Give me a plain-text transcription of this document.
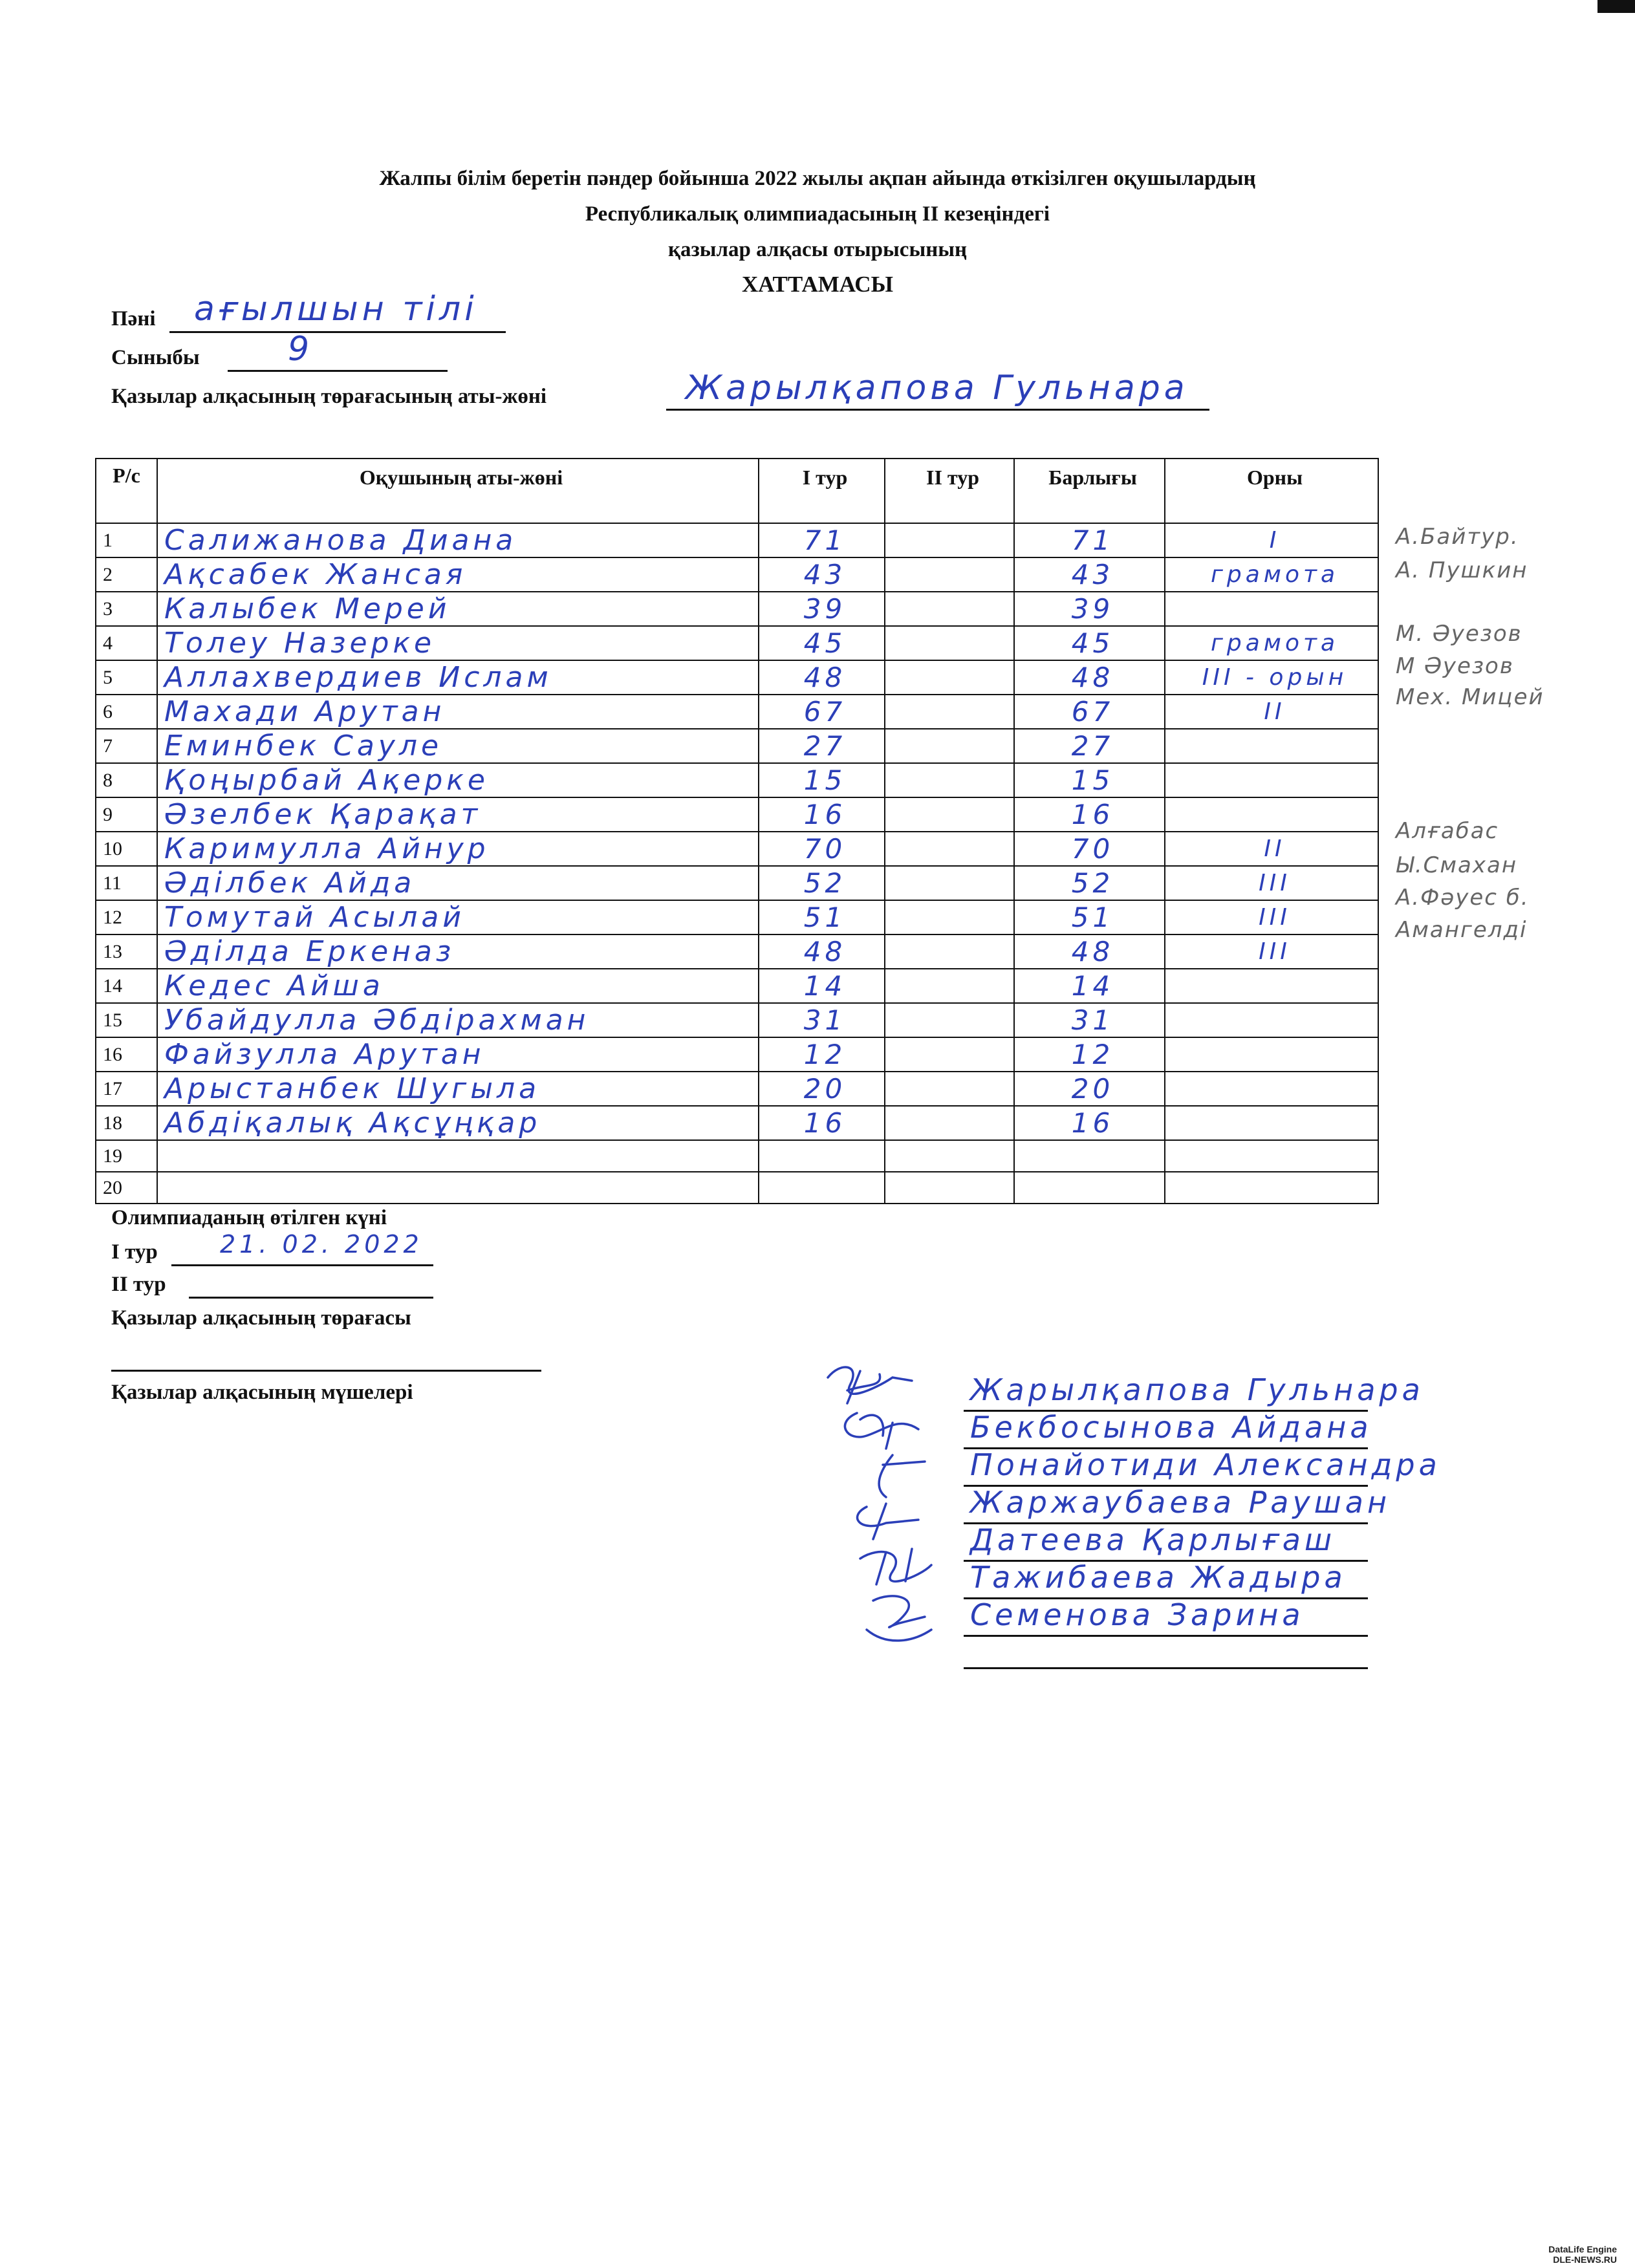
Жалпы білім беретін пәндер бойынша 2022 жылы ақпан айында өткізілген оқушылардың
Республикалық олимпиадасының ІІ кезеңіндегі
қазылар алқасы отырысының
ХАТТАМАСЫ
Пәні ағылшын тілі
Сыныбы	9
Қазылар алқасының төрағасының аты-жөні	Жарылқапова Гульнара
Р/с	Оқушының аты-жөні	І тур	ІІ тур	Барлығы	Орны
1	Салижанова Диана	71		71	І
2	Ақсабек Жансая	43		43	грамота
3	Калыбек Мерей	39		39	
4	Толеу Назерке	45		45	грамота
5	Аллахвердиев Ислам	48		48	ІІІ - орын
6	Махади Арутан	67		67	ІІ
7	Еминбек Сауле	27		27	
8	Қоңырбай Ақерке	15		15	
9	Әзелбек Қарақат	16		16	
10	Каримулла Айнур	70		70	ІІ
11	Әділбек Айда	52		52	ІІІ
12	Томутай Асылай	51		51	ІІІ
13	Әділда Еркеназ	48		48	ІІІ
14	Кедес Айша	14		14	
15	Убайдулла Әбдірахман	31		31	
16	Файзулла Арутан	12		12	
17	Арыстанбек Шугыла	20		20	
18	Абдіқалық Ақсұңқар	16		16	
19					
20					
А.Байтур.
А. Пушкин
М. Әуезов
М Әуезов
Мех. Мицей
Алғабас
Ы.Смахан
А.Фәуес б.
Амангелді
Олимпиаданың өтілген күні
І тур	21. 02. 2022
ІІ тур
Қазылар алқасының төрағасы
Қазылар алқасының мүшелері	Жарылқапова Гульнара
Бекбосынова Айдана
Понайотиди Александра
Жаржаубаева Раушан
Датеева Қарлығаш
Тажибаева Жадыра
Семенова Зарина
DataLife Engine
DLE-NEWS.RU
